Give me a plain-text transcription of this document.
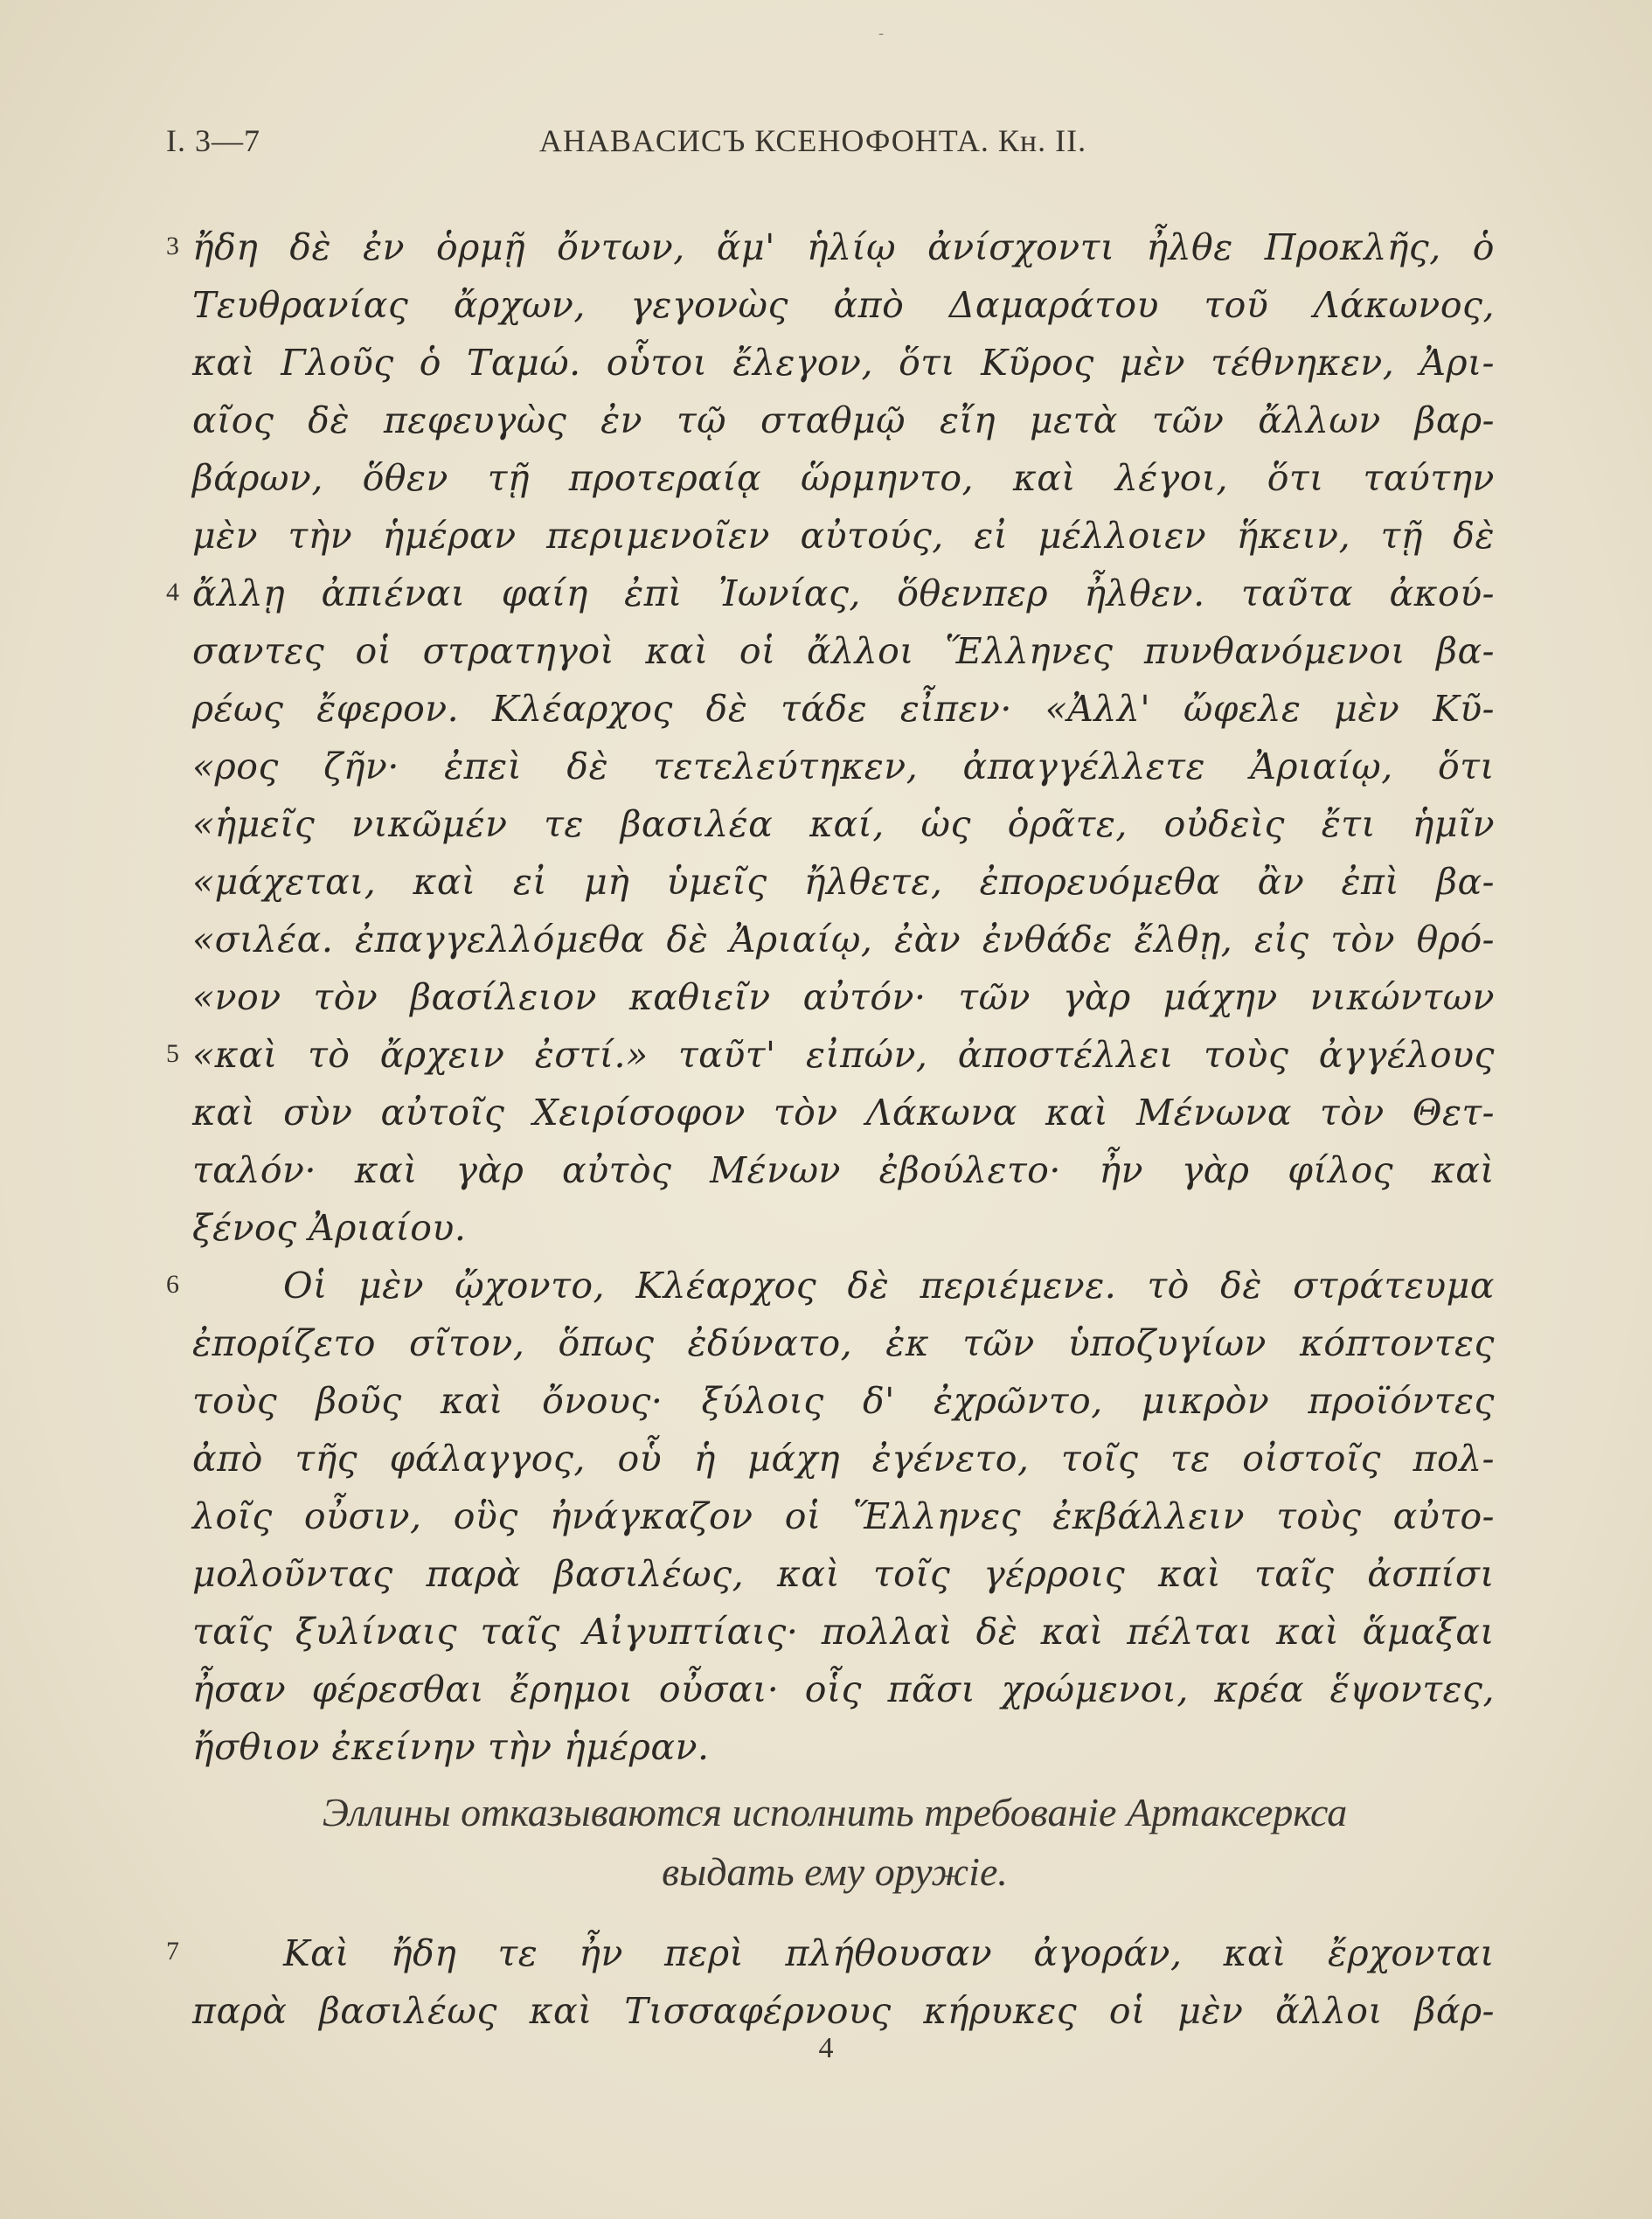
-
I. 3—7	ΑΗΑΒΑCИCЪ КСЕНОФОНТА. Кн. II.
3
4
5
6
7
ἤδη δὲ ἐν ὁρμῇ ὄντων, ἅμ' ἡλίῳ ἀνίσχοντι ἦλθε Προκλῆς, ὁ
Τευθρανίας ἄρχων, γεγονὼς ἀπὸ Δαμαράτου τοῦ Λάκωνος,
καὶ Γλοῦς ὁ Ταμώ. οὗτοι ἔλεγον, ὅτι Κῦρος μὲν τέθνηκεν, Ἀρι-
αῖος δὲ πεφευγὼς ἐν τῷ σταθμῷ εἴη μετὰ τῶν ἄλλων βαρ-
βάρων, ὅθεν τῇ προτεραίᾳ ὥρμηντο, καὶ λέγοι, ὅτι ταύτην
μὲν τὴν ἡμέραν περιμενοῖεν αὐτούς, εἰ μέλλοιεν ἥκειν, τῇ δὲ
ἄλλῃ ἀπιέναι φαίη ἐπὶ Ἰωνίας, ὅθενπερ ἦλθεν. ταῦτα ἀκού-
σαντες οἱ στρατηγοὶ καὶ οἱ ἄλλοι Ἕλληνες πυνθανόμενοι βα-
ρέως ἔφερον. Κλέαρχος δὲ τάδε εἶπεν· «Ἀλλ' ὤφελε μὲν Κῦ-
«ρος ζῆν· ἐπεὶ δὲ τετελεύτηκεν, ἀπαγγέλλετε Ἀριαίῳ, ὅτι
«ἡμεῖς νικῶμέν τε βασιλέα καί, ὡς ὁρᾶτε, οὐδεὶς ἔτι ἡμῖν
«μάχεται, καὶ εἰ μὴ ὑμεῖς ἤλθετε, ἐπορευόμεθα ἂν ἐπὶ βα-
«σιλέα. ἐπαγγελλόμεθα δὲ Ἀριαίῳ, ἐὰν ἐνθάδε ἔλθῃ, εἰς τὸν θρό-
«νον τὸν βασίλειον καθιεῖν αὐτόν· τῶν γὰρ μάχην νικώντων
«καὶ τὸ ἄρχειν ἐστί.» ταῦτ' εἰπών, ἀποστέλλει τοὺς ἀγγέλους
καὶ σὺν αὐτοῖς Χειρίσοφον τὸν Λάκωνα καὶ Μένωνα τὸν Θετ-
ταλόν· καὶ γὰρ αὐτὸς Μένων ἐβούλετο· ἦν γὰρ φίλος καὶ
ξένος Ἀριαίου.
Οἱ μὲν ᾤχοντο, Κλέαρχος δὲ περιέμενε. τὸ δὲ στράτευμα
ἐπορίζετο σῖτον, ὅπως ἐδύνατο, ἐκ τῶν ὑποζυγίων κόπτοντες
τοὺς βοῦς καὶ ὄνους· ξύλοις δ' ἐχρῶντο, μικρὸν προϊόντες
ἀπὸ τῆς φάλαγγος, οὗ ἡ μάχη ἐγένετο, τοῖς τε οἰστοῖς πολ-
λοῖς οὖσιν, οὓς ἠνάγκαζον οἱ Ἕλληνες ἐκβάλλειν τοὺς αὐτο-
μολοῦντας παρὰ βασιλέως, καὶ τοῖς γέρροις καὶ ταῖς ἀσπίσι
ταῖς ξυλίναις ταῖς Αἰγυπτίαις· πολλαὶ δὲ καὶ πέλται καὶ ἅμαξαι
ἦσαν φέρεσθαι ἔρημοι οὖσαι· οἷς πᾶσι χρώμενοι, κρέα ἕψοντες,
ἤσθιον ἐκείνην τὴν ἡμέραν.
Эллины отказываются исполнить требованіе Артаксеркса
выдать ему оружіе.
Καὶ ἤδη τε ἦν περὶ πλήθουσαν ἀγοράν, καὶ ἔρχονται
παρὰ βασιλέως καὶ Τισσαφέρνους κήρυκες οἱ μὲν ἄλλοι βάρ-
4
